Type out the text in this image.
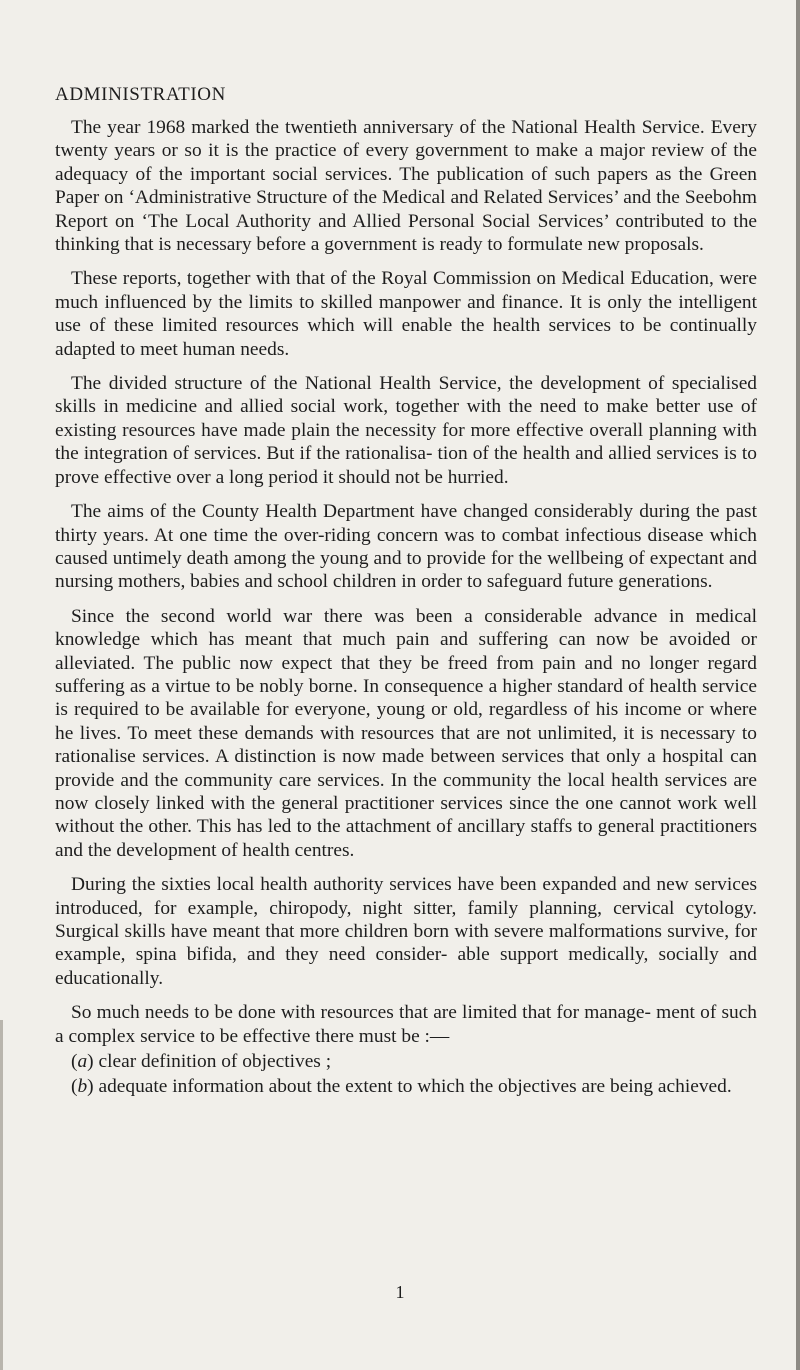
ADMINISTRATION

The year 1968 marked the twentieth anniversary of the National Health Service. Every twenty years or so it is the practice of every government to make a major review of the adequacy of the important social services. The publication of such papers as the Green Paper on ‘Administrative Structure of the Medical and Related Services’ and the Seebohm Report on ‘The Local Authority and Allied Personal Social Services’ contributed to the thinking that is necessary before a government is ready to formulate new proposals.

These reports, together with that of the Royal Commission on Medical Education, were much influenced by the limits to skilled manpower and finance. It is only the intelligent use of these limited resources which will enable the health services to be continually adapted to meet human needs.

The divided structure of the National Health Service, the development of specialised skills in medicine and allied social work, together with the need to make better use of existing resources have made plain the necessity for more effective overall planning with the integration of services. But if the rationalisa- tion of the health and allied services is to prove effective over a long period it should not be hurried.

The aims of the County Health Department have changed considerably during the past thirty years. At one time the over-riding concern was to combat infectious disease which caused untimely death among the young and to provide for the wellbeing of expectant and nursing mothers, babies and school children in order to safeguard future generations.

Since the second world war there was been a considerable advance in medical knowledge which has meant that much pain and suffering can now be avoided or alleviated. The public now expect that they be freed from pain and no longer regard suffering as a virtue to be nobly borne. In consequence a higher standard of health service is required to be available for everyone, young or old, regardless of his income or where he lives. To meet these demands with resources that are not unlimited, it is necessary to rationalise services. A distinction is now made between services that only a hospital can provide and the community care services. In the community the local health services are now closely linked with the general practitioner services since the one cannot work well without the other. This has led to the attachment of ancillary staffs to general practitioners and the development of health centres.

During the sixties local health authority services have been expanded and new services introduced, for example, chiropody, night sitter, family planning, cervical cytology. Surgical skills have meant that more children born with severe malformations survive, for example, spina bifida, and they need consider- able support medically, socially and educationally.

So much needs to be done with resources that are limited that for manage- ment of such a complex service to be effective there must be :—

(a) clear definition of objectives ;

(b) adequate information about the extent to which the objectives are being achieved.

1
